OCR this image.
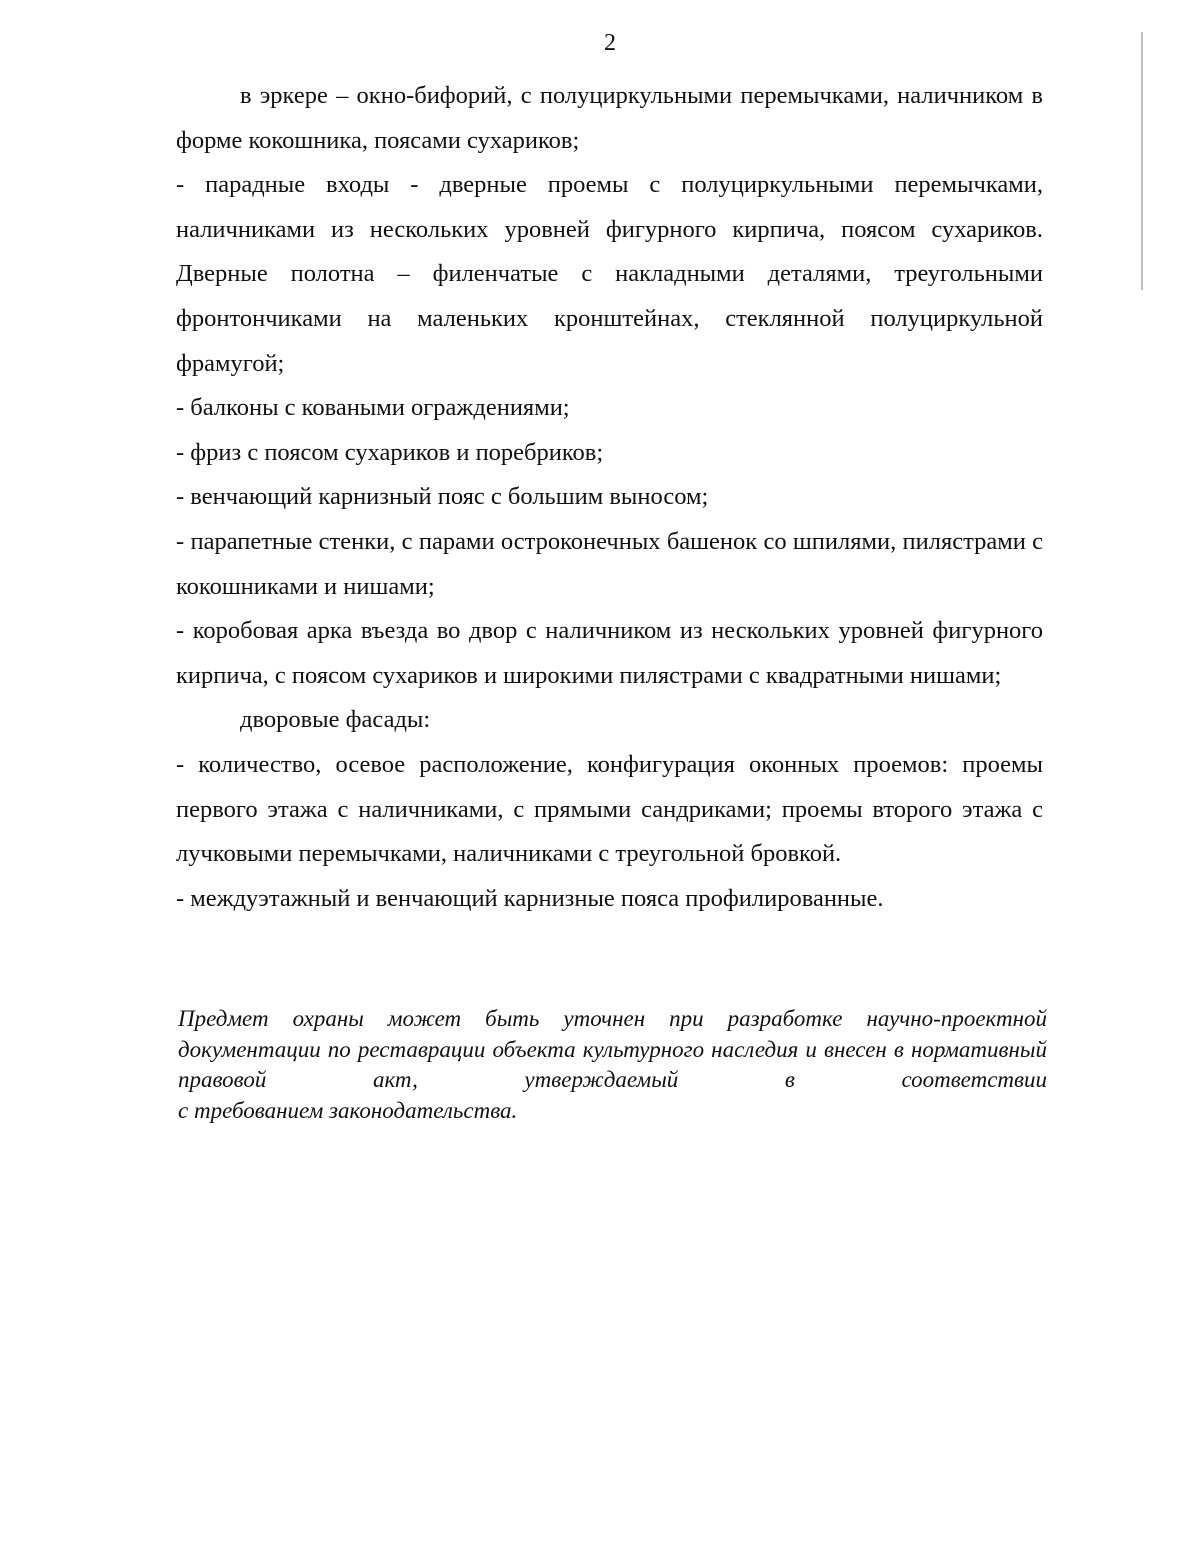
2

в эркере – окно-бифорий, с полуциркульными перемычками, наличником в форме кокошника, поясами сухариков;

- парадные входы - дверные проемы с полуциркульными перемычками, наличниками из нескольких уровней фигурного кирпича, поясом сухариков. Дверные полотна – филенчатые с накладными деталями, треугольными фронтончиками на маленьких кронштейнах, стеклянной полуциркульной фрамугой;

- балконы с коваными ограждениями;

- фриз с поясом сухариков и поребриков;

- венчающий карнизный пояс с большим выносом;

- парапетные стенки, с парами остроконечных башенок со шпилями, пилястрами с кокошниками и нишами;

- коробовая арка въезда во двор с наличником из нескольких уровней фигурного кирпича, с поясом сухариков и широкими пилястрами с квадратными нишами;

дворовые фасады:

- количество, осевое расположение, конфигурация оконных проемов: проемы первого этажа с наличниками, с прямыми сандриками; проемы второго этажа с лучковыми перемычками, наличниками с треугольной бровкой.

- междуэтажный и венчающий карнизные пояса профилированные.

Предмет охраны может быть уточнен при разработке научно-проектной документации по реставрации объекта культурного наследия и внесен в нормативный правовой акт, утверждаемый в соответствии

с требованием законодательства.
